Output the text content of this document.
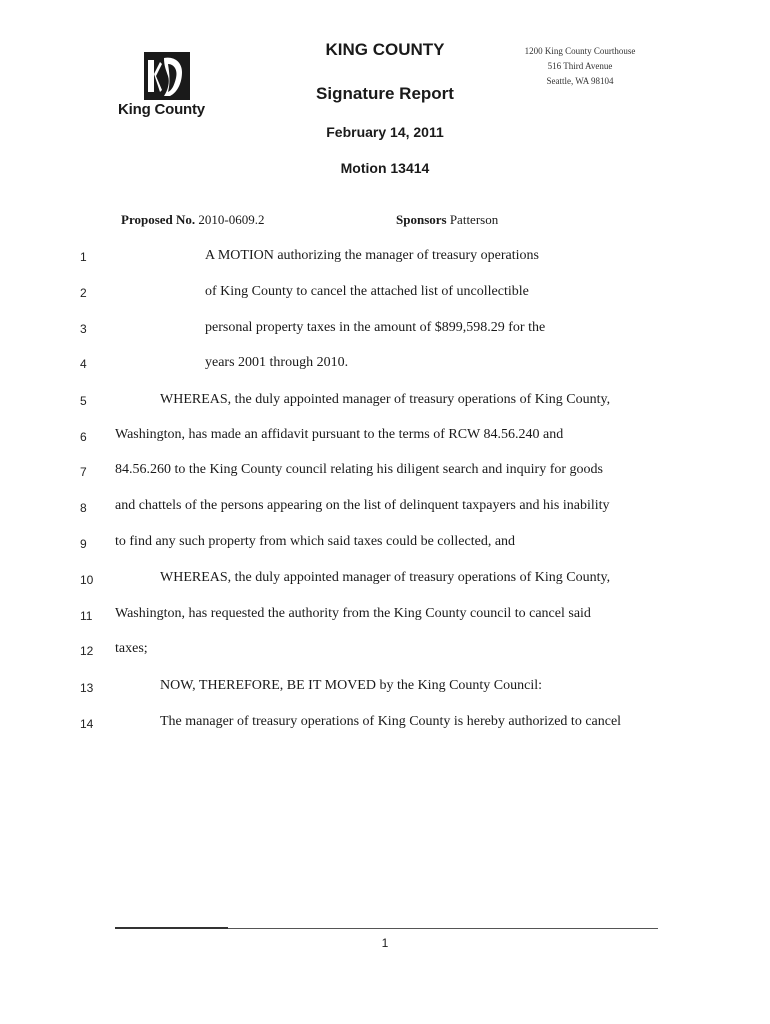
King County
KING COUNTY
Signature Report
February 14, 2011
Motion 13414
1200 King County Courthouse
516 Third Avenue
Seattle, WA 98104
Proposed No. 2010-0609.2	Sponsors Patterson
1	A MOTION authorizing the manager of treasury operations
2	of King County to cancel the attached list of uncollectible
3	personal property taxes in the amount of $899,598.29 for the
4	years 2001 through 2010.
5	WHEREAS, the duly appointed manager of treasury operations of King County,
6	Washington, has made an affidavit pursuant to the terms of RCW 84.56.240 and
7	84.56.260 to the King County council relating his diligent search and inquiry for goods
8	and chattels of the persons appearing on the list of delinquent taxpayers and his inability
9	to find any such property from which said taxes could be collected, and
10	WHEREAS, the duly appointed manager of treasury operations of King County,
11	Washington, has requested the authority from the King County council to cancel said
12	taxes;
13	NOW, THEREFORE, BE IT MOVED by the King County Council:
14	The manager of treasury operations of King County is hereby authorized to cancel
1
